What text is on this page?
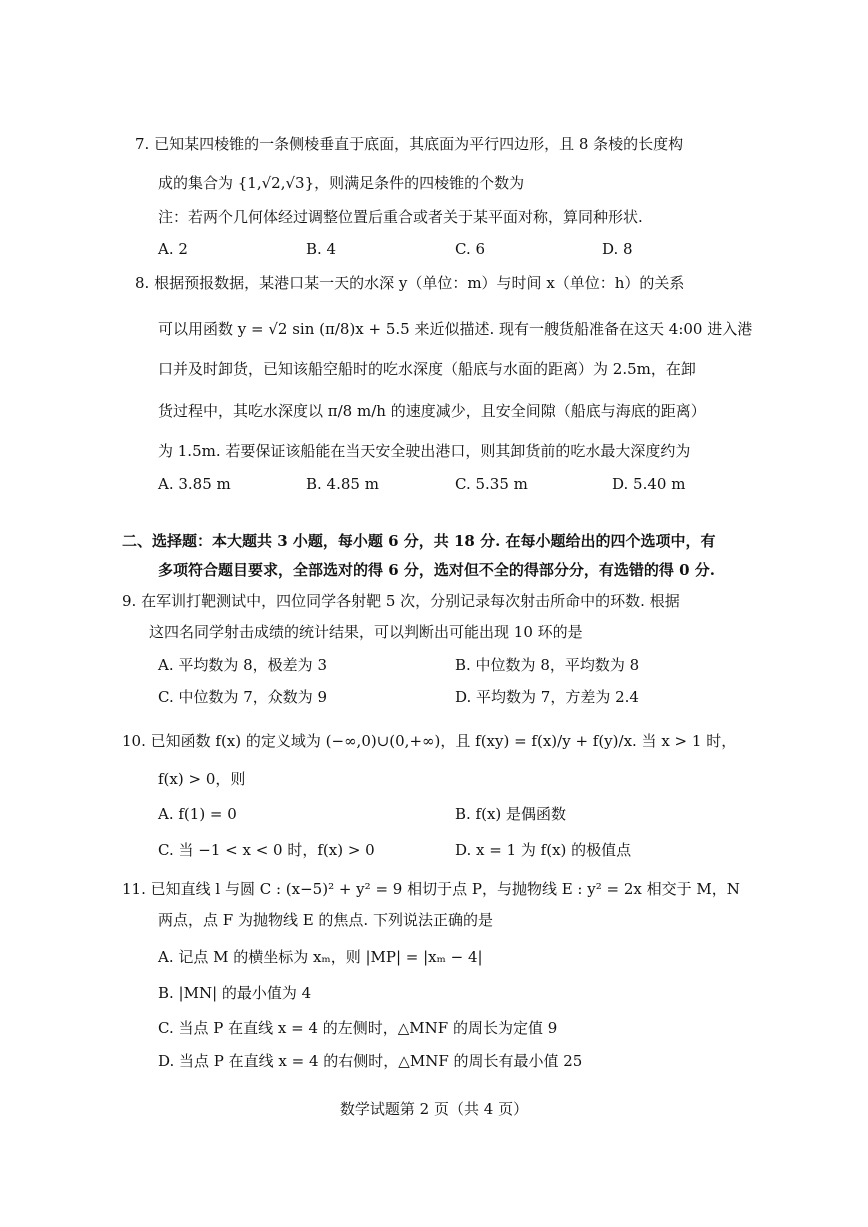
7. 已知某四棱锥的一条侧棱垂直于底面，其底面为平行四边形，且 8 条棱的长度构
成的集合为 {1,√2,√3}，则满足条件的四棱锥的个数为
注：若两个几何体经过调整位置后重合或者关于某平面对称，算同种形状.
A. 2	B. 4	C. 6	D. 8
8. 根据预报数据，某港口某一天的水深 y（单位：m）与时间 x（单位：h）的关系
可以用函数 y = √2 sin (π/8)x + 5.5 来近似描述. 现有一艘货船准备在这天 4:00 进入港
口并及时卸货，已知该船空船时的吃水深度（船底与水面的距离）为 2.5m，在卸
货过程中，其吃水深度以 π/8 m/h 的速度减少，且安全间隙（船底与海底的距离）
为 1.5m. 若要保证该船能在当天安全驶出港口，则其卸货前的吃水最大深度约为
A. 3.85 m	B. 4.85 m	C. 5.35 m	D. 5.40 m
二、选择题：本大题共 3 小题，每小题 6 分，共 18 分. 在每小题给出的四个选项中，有
多项符合题目要求，全部选对的得 6 分，选对但不全的得部分分，有选错的得 0 分.
9. 在军训打靶测试中，四位同学各射靶 5 次，分别记录每次射击所命中的环数. 根据
这四名同学射击成绩的统计结果，可以判断出可能出现 10 环的是
A. 平均数为 8，极差为 3	B. 中位数为 8，平均数为 8
C. 中位数为 7，众数为 9	D. 平均数为 7，方差为 2.4
10. 已知函数 f(x) 的定义域为 (−∞,0)∪(0,+∞)，且 f(xy) = f(x)/y + f(y)/x. 当 x > 1 时，
f(x) > 0，则
A. f(1) = 0	B. f(x) 是偶函数
C. 当 −1 < x < 0 时，f(x) > 0	D. x = 1 为 f(x) 的极值点
11. 已知直线 l 与圆 C : (x−5)² + y² = 9 相切于点 P，与抛物线 E : y² = 2x 相交于 M，N
两点，点 F 为抛物线 E 的焦点. 下列说法正确的是
A. 记点 M 的横坐标为 xₘ，则 |MP| = |xₘ − 4|
B. |MN| 的最小值为 4
C. 当点 P 在直线 x = 4 的左侧时，△MNF 的周长为定值 9
D. 当点 P 在直线 x = 4 的右侧时，△MNF 的周长有最小值 25
数学试题第 2 页（共 4 页）
